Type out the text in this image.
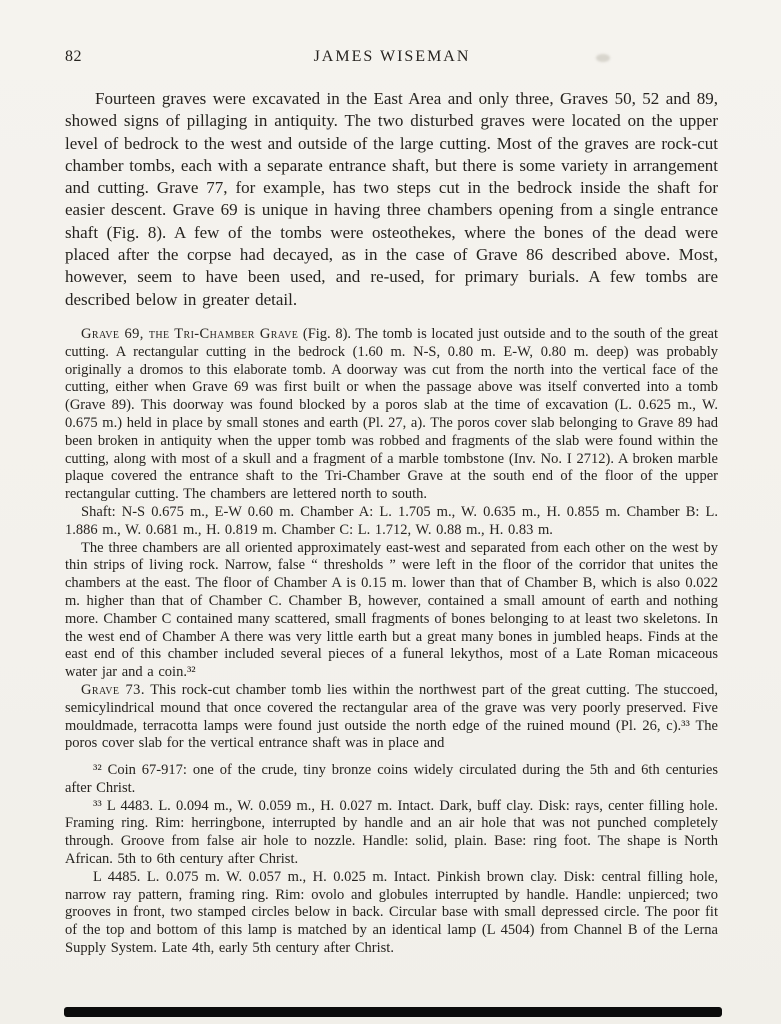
82	JAMES WISEMAN

Fourteen graves were excavated in the East Area and only three, Graves 50, 52 and 89, showed signs of pillaging in antiquity. The two disturbed graves were located on the upper level of bedrock to the west and outside of the large cutting. Most of the graves are rock-cut chamber tombs, each with a separate entrance shaft, but there is some variety in arrangement and cutting. Grave 77, for example, has two steps cut in the bedrock inside the shaft for easier descent. Grave 69 is unique in having three chambers opening from a single entrance shaft (Fig. 8). A few of the tombs were osteothekes, where the bones of the dead were placed after the corpse had decayed, as in the case of Grave 86 described above. Most, however, seem to have been used, and re-used, for primary burials. A few tombs are described below in greater detail.

Grave 69, the Tri-Chamber Grave (Fig. 8). The tomb is located just outside and to the south of the great cutting. A rectangular cutting in the bedrock (1.60 m. N-S, 0.80 m. E-W, 0.80 m. deep) was probably originally a dromos to this elaborate tomb. A doorway was cut from the north into the vertical face of the cutting, either when Grave 69 was first built or when the passage above was itself converted into a tomb (Grave 89). This doorway was found blocked by a poros slab at the time of excavation (L. 0.625 m., W. 0.675 m.) held in place by small stones and earth (Pl. 27, a). The poros cover slab belonging to Grave 89 had been broken in antiquity when the upper tomb was robbed and fragments of the slab were found within the cutting, along with most of a skull and a fragment of a marble tombstone (Inv. No. I 2712). A broken marble plaque covered the entrance shaft to the Tri-Chamber Grave at the south end of the floor of the upper rectangular cutting. The chambers are lettered north to south.

Shaft: N-S 0.675 m., E-W 0.60 m. Chamber A: L. 1.705 m., W. 0.635 m., H. 0.855 m. Chamber B: L. 1.886 m., W. 0.681 m., H. 0.819 m. Chamber C: L. 1.712, W. 0.88 m., H. 0.83 m.

The three chambers are all oriented approximately east-west and separated from each other on the west by thin strips of living rock. Narrow, false “ thresholds ” were left in the floor of the corridor that unites the chambers at the east. The floor of Chamber A is 0.15 m. lower than that of Chamber B, which is also 0.022 m. higher than that of Chamber C. Chamber B, however, contained a small amount of earth and nothing more. Chamber C contained many scattered, small fragments of bones belonging to at least two skeletons. In the west end of Chamber A there was very little earth but a great many bones in jumbled heaps. Finds at the east end of this chamber included several pieces of a funeral lekythos, most of a Late Roman micaceous water jar and a coin.³²

Grave 73. This rock-cut chamber tomb lies within the northwest part of the great cutting. The stuccoed, semicylindrical mound that once covered the rectangular area of the grave was very poorly preserved. Five mouldmade, terracotta lamps were found just outside the north edge of the ruined mound (Pl. 26, c).³³ The poros cover slab for the vertical entrance shaft was in place and

³² Coin 67-917: one of the crude, tiny bronze coins widely circulated during the 5th and 6th centuries after Christ.

³³ L 4483. L. 0.094 m., W. 0.059 m., H. 0.027 m. Intact. Dark, buff clay. Disk: rays, center filling hole. Framing ring. Rim: herringbone, interrupted by handle and an air hole that was not punched completely through. Groove from false air hole to nozzle. Handle: solid, plain. Base: ring foot. The shape is North African. 5th to 6th century after Christ.

L 4485. L. 0.075 m. W. 0.057 m., H. 0.025 m. Intact. Pinkish brown clay. Disk: central filling hole, narrow ray pattern, framing ring. Rim: ovolo and globules interrupted by handle. Handle: unpierced; two grooves in front, two stamped circles below in back. Circular base with small depressed circle. The poor fit of the top and bottom of this lamp is matched by an identical lamp (L 4504) from Channel B of the Lerna Supply System. Late 4th, early 5th century after Christ.
